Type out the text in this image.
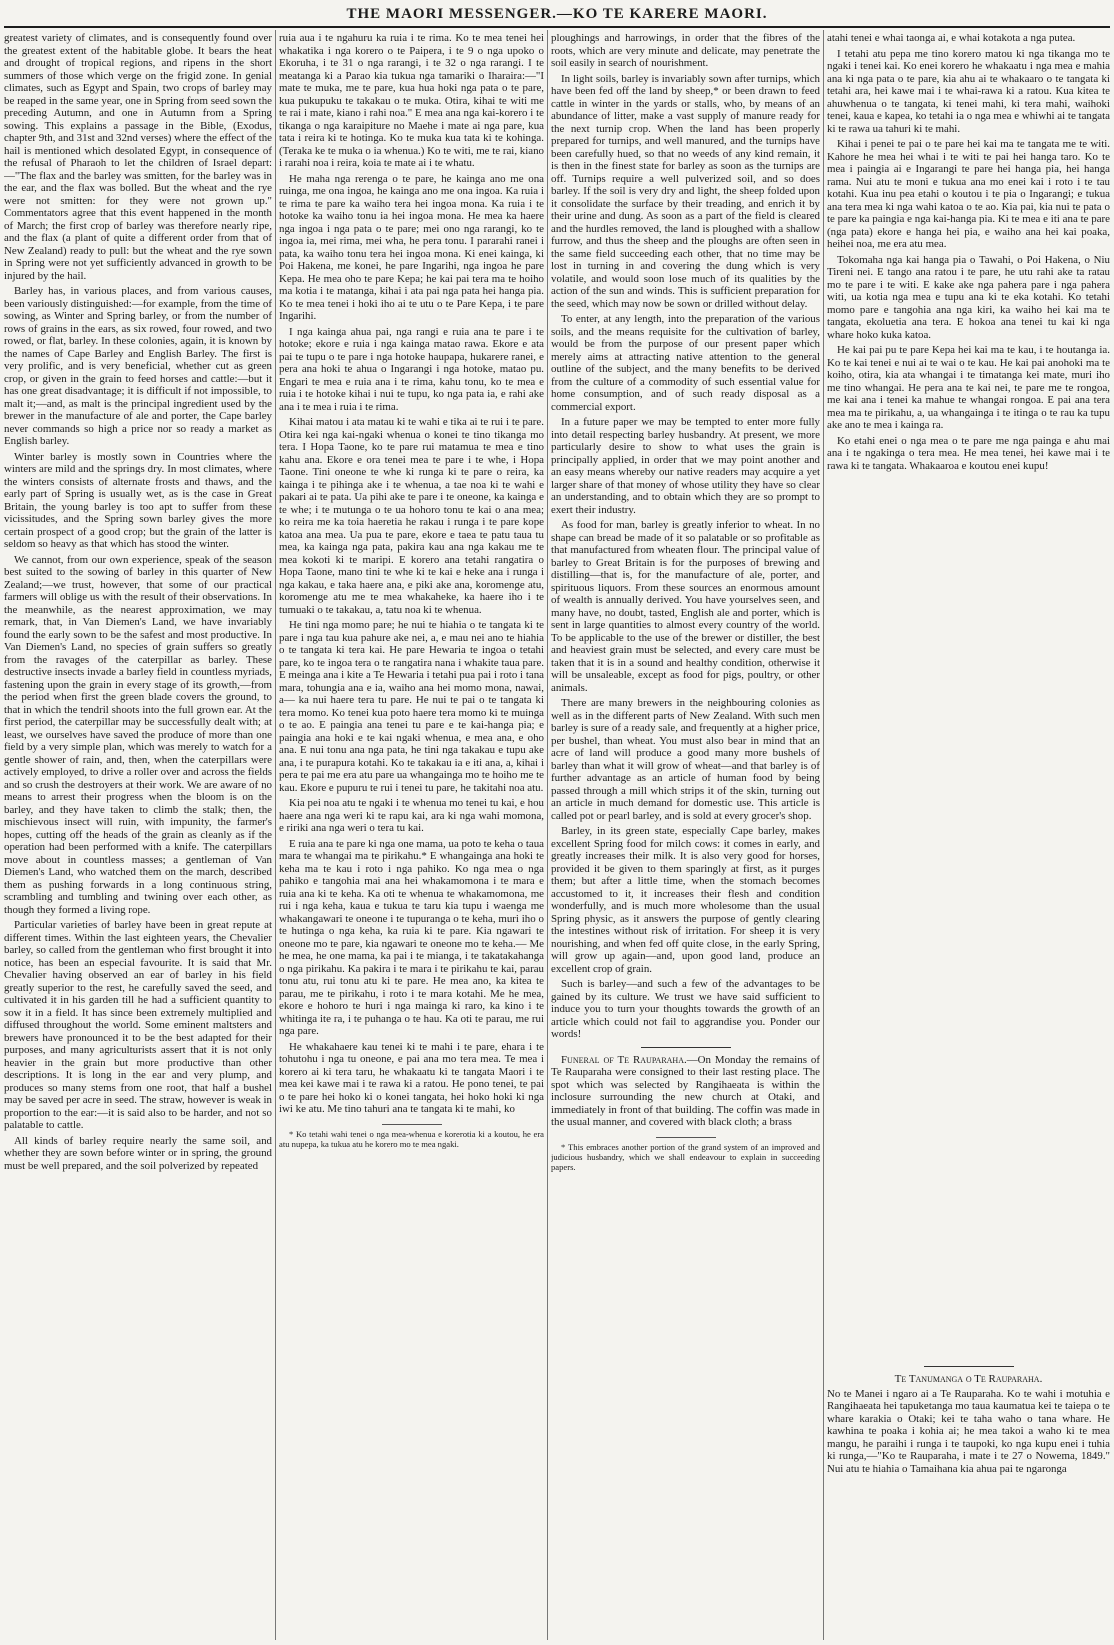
THE MAORI MESSENGER.—KO TE KARERE MAORI.

greatest variety of climates, and is consequently found over the greatest extent of the habitable globe. It bears the heat and drought of tropical regions, and ripens in the short summers of those which verge on the frigid zone. In genial climates, such as Egypt and Spain, two crops of barley may be reaped in the same year, one in Spring from seed sown the preceding Autumn, and one in Autumn from a Spring sowing. This explains a passage in the Bible, (Exodus, chapter 9th, and 31st and 32nd verses) where the effect of the hail is mentioned which desolated Egypt, in consequence of the refusal of Pharaoh to let the children of Israel depart:—"The flax and the barley was smitten, for the barley was in the ear, and the flax was bolled. But the wheat and the rye were not smitten: for they were not grown up." Commentators agree that this event happened in the month of March; the first crop of barley was therefore nearly ripe, and the flax (a plant of quite a different order from that of New Zealand) ready to pull: but the wheat and the rye sown in Spring were not yet sufficiently advanced in growth to be injured by the hail.

Barley has, in various places, and from various causes, been variously distinguished:—for example, from the time of sowing, as Winter and Spring barley, or from the number of rows of grains in the ears, as six rowed, four rowed, and two rowed, or flat, barley. In these colonies, again, it is known by the names of Cape Barley and English Barley. The first is very prolific, and is very beneficial, whether cut as green crop, or given in the grain to feed horses and cattle:—but it has one great disadvantage; it is difficult if not impossible, to malt it;—and, as malt is the principal ingredient used by the brewer in the manufacture of ale and porter, the Cape barley never commands so high a price nor so ready a market as English barley.

Winter barley is mostly sown in Countries where the winters are mild and the springs dry. In most climates, where the winters consists of alternate frosts and thaws, and the early part of Spring is usually wet, as is the case in Great Britain, the young barley is too apt to suffer from these vicissitudes, and the Spring sown barley gives the more certain prospect of a good crop; but the grain of the latter is seldom so heavy as that which has stood the winter.

We cannot, from our own experience, speak of the season best suited to the sowing of barley in this quarter of New Zealand;—we trust, however, that some of our practical farmers will oblige us with the result of their observations. In the meanwhile, as the nearest approximation, we may remark, that, in Van Diemen's Land, we have invariably found the early sown to be the safest and most productive. In Van Diemen's Land, no species of grain suffers so greatly from the ravages of the caterpillar as barley. These destructive insects invade a barley field in countless myriads, fastening upon the grain in every stage of its growth,—from the period when first the green blade covers the ground, to that in which the tendril shoots into the full grown ear. At the first period, the caterpillar may be successfully dealt with; at least, we ourselves have saved the produce of more than one field by a very simple plan, which was merely to watch for a gentle shower of rain, and, then, when the caterpillars were actively employed, to drive a roller over and across the fields and so crush the destroyers at their work. We are aware of no means to arrest their progress when the bloom is on the barley, and they have taken to climb the stalk; then, the mischievous insect will ruin, with impunity, the farmer's hopes, cutting off the heads of the grain as cleanly as if the operation had been performed with a knife. The caterpillars move about in countless masses; a gentleman of Van Diemen's Land, who watched them on the march, described them as pushing forwards in a long continuous string, scrambling and tumbling and twining over each other, as though they formed a living rope.

Particular varieties of barley have been in great repute at different times. Within the last eighteen years, the Chevalier barley, so called from the gentleman who first brought it into notice, has been an especial favourite. It is said that Mr. Chevalier having observed an ear of barley in his field greatly superior to the rest, he carefully saved the seed, and cultivated it in his garden till he had a sufficient quantity to sow it in a field. It has since been extremely multiplied and diffused throughout the world. Some eminent maltsters and brewers have pronounced it to be the best adapted for their purposes, and many agriculturists assert that it is not only heavier in the grain but more productive than other descriptions. It is long in the ear and very plump, and produces so many stems from one root, that half a bushel may be saved per acre in seed. The straw, however is weak in proportion to the ear:—it is said also to be harder, and not so palatable to cattle.

All kinds of barley require nearly the same soil, and whether they are sown before winter or in spring, the ground must be well prepared, and the soil polverized by repeated

ruia aua i te ngahuru ka ruia i te rima. Ko te mea tenei hei whakatika i nga korero o te Paipera, i te 9 o nga upoko o Ekoruha, i te 31 o nga rarangi, i te 32 o nga rarangi. I te meatanga ki a Parao kia tukua nga tamariki o Iharaira:—"I mate te muka, me te pare, kua hua hoki nga pata o te pare, kua pukupuku te takakau o te muka. Otira, kihai te witi me te rai i mate, kiano i rahi noa." E mea ana nga kai-korero i te tikanga o nga karaipiture no Maehe i mate ai nga pare, kua tata i reira ki te hotinga. Ko te muka kua tata ki te kohinga. (Teraka ke te muka o ia whenua.) Ko te witi, me te rai, kiano i rarahi noa i reira, koia te mate ai i te whatu.

He maha nga rerenga o te pare, he kainga ano me ona ruinga, me ona ingoa, he kainga ano me ona ingoa. Ka ruia i te rima te pare ka waiho tera hei ingoa mona. Ka ruia i te hotoke ka waiho tonu ia hei ingoa mona. He mea ka haere nga ingoa i nga pata o te pare; mei ono nga rarangi, ko te ingoa ia, mei rima, mei wha, he pera tonu. I pararahi ranei i pata, ka waiho tonu tera hei ingoa mona. Ki enei kainga, ki Poi Hakena, me konei, he pare Ingarihi, nga ingoa he pare Kepa. He mea oho te pare Kepa; he kai pai tera ma te hoiho ma kotia i te matanga, kihai i ata pai nga pata hei hanga pia. Ko te mea tenei i hoki iho ai te utu o te Pare Kepa, i te pare Ingarihi.

I nga kainga ahua pai, nga rangi e ruia ana te pare i te hotoke; ekore e ruia i nga kainga matao rawa. Ekore e ata pai te tupu o te pare i nga hotoke haupapa, hukarere ranei, e pera ana hoki te ahua o Ingarangi i nga hotoke, matao pu. Engari te mea e ruia ana i te rima, kahu tonu, ko te mea e ruia i te hotoke kihai i nui te tupu, ko nga pata ia, e rahi ake ana i te mea i ruia i te rima.

Kihai matou i ata matau ki te wahi e tika ai te rui i te pare. Otira kei nga kai-ngaki whenua o konei te tino tikanga mo tera. I Hopa Taone, ko te pare rui matamua te mea e tino kahu ana. Ekore e ora tenei mea te pare i te whe, i Hopa Taone. Tini oneone te whe ki runga ki te pare o reira, ka kainga i te pihinga ake i te whenua, a tae noa ki te wahi e pakari ai te pata. Ua pihi ake te pare i te oneone, ka kainga e te whe; i te mutunga o te ua hohoro tonu te kai o ana mea; ko reira me ka toia haeretia he rakau i runga i te pare kope katoa ana mea. Ua pua te pare, ekore e taea te patu taua tu mea, ka kainga nga pata, pakira kau ana nga kakau me te mea kokoti ki te maripi. E korero ana tetahi rangatira o Hopa Taone, mano tini te whe ki te kai e heke ana i runga i nga kakau, e taka haere ana, e piki ake ana, koromenge atu, koromenge atu me te mea whakaheke, ka haere iho i te tumuaki o te takakau, a, tatu noa ki te whenua.

He tini nga momo pare; he nui te hiahia o te tangata ki te pare i nga tau kua pahure ake nei, a, e mau nei ano te hiahia o te tangata ki tera kai. He pare Hewaria te ingoa o tetahi pare, ko te ingoa tera o te rangatira nana i whakite taua pare. E meinga ana i kite a Te Hewaria i tetahi pua pai i roto i tana mara, tohungia ana e ia, waiho ana hei momo mona, nawai, a— ka nui haere tera tu pare. He nui te pai o te tangata ki tera momo. Ko tenei kua poto haere tera momo ki te muinga o te ao. E paingia ana tenei tu pare e te kai-hanga pia; e paingia ana hoki e te kai ngaki whenua, e mea ana, e oho ana. E nui tonu ana nga pata, he tini nga takakau e tupu ake ana, i te purapura kotahi. Ko te takakau ia e iti ana, a, kihai i pera te pai me era atu pare ua whangainga mo te hoiho me te kau. Ekore e pupuru te rui i tenei tu pare, he takitahi noa atu.

Kia pei noa atu te ngaki i te whenua mo tenei tu kai, e hou haere ana nga weri ki te rapu kai, ara ki nga wahi momona, e ririki ana nga weri o tera tu kai.

E ruia ana te pare ki nga one mama, ua poto te keha o taua mara te whangai ma te pirikahu.* E whangainga ana hoki te keha ma te kau i roto i nga pahiko. Ko nga mea o nga pahiko e tangohia mai ana hei whakamomona i te mara e ruia ana ki te keha. Ka oti te whenua te whakamomona, me rui i nga keha, kaua e tukua te taru kia tupu i waenga me whakangawari te oneone i te tupuranga o te keha, muri iho o te hutinga o nga keha, ka ruia ki te pare. Kia ngawari te oneone mo te pare, kia ngawari te oneone mo te keha.— Me he mea, he one mama, ka pai i te mianga, i te takatakahanga o nga pirikahu. Ka pakira i te mara i te pirikahu te kai, parau tonu atu, rui tonu atu ki te pare. He mea ano, ka kitea te parau, me te pirikahu, i roto i te mara kotahi. Me he mea, ekore e hohoro te huri i nga mainga ki raro, ka kino i te whitinga ite ra, i te puhanga o te hau. Ka oti te parau, me rui nga pare.

He whakahaere kau tenei ki te mahi i te pare, ehara i te tohutohu i nga tu oneone, e pai ana mo tera mea. Te mea i korero ai ki tera taru, he whakaatu ki te tangata Maori i te mea kei kawe mai i te rawa ki a ratou. He pono tenei, te pai o te pare hei hoko ki o konei tangata, hei hoko hoki ki nga iwi ke atu. Me tino tahuri ana te tangata ki te mahi, ko

* Ko tetahi wahi tenei o nga mea-whenua e korerotia ki a koutou, he era atu nupepa, ka tukua atu he korero mo te mea ngaki.

ploughings and harrowings, in order that the fibres of the roots, which are very minute and delicate, may penetrate the soil easily in search of nourishment.

In light soils, barley is invariably sown after turnips, which have been fed off the land by sheep,* or been drawn to feed cattle in winter in the yards or stalls, who, by means of an abundance of litter, make a vast supply of manure ready for the next turnip crop. When the land has been properly prepared for turnips, and well manured, and the turnips have been carefully hued, so that no weeds of any kind remain, it is then in the finest state for barley as soon as the turnips are off. Turnips require a well pulverized soil, and so does barley. If the soil is very dry and light, the sheep folded upon it consolidate the surface by their treading, and enrich it by their urine and dung. As soon as a part of the field is cleared and the hurdles removed, the land is ploughed with a shallow furrow, and thus the sheep and the ploughs are often seen in the same field succeeding each other, that no time may be lost in turning in and covering the dung which is very volatile, and would soon lose much of its qualities by the action of the sun and winds. This is sufficient preparation for the seed, which may now be sown or drilled without delay.

To enter, at any length, into the preparation of the various soils, and the means requisite for the cultivation of barley, would be from the purpose of our present paper which merely aims at attracting native attention to the general outline of the subject, and the many benefits to be derived from the culture of a commodity of such essential value for home consumption, and of such ready disposal as a commercial export.

In a future paper we may be tempted to enter more fully into detail respecting barley husbandry. At present, we more particularly desire to show to what uses the grain is principally applied, in order that we may point another and an easy means whereby our native readers may acquire a yet larger share of that money of whose utility they have so clear an understanding, and to obtain which they are so prompt to exert their industry.

As food for man, barley is greatly inferior to wheat. In no shape can bread be made of it so palatable or so profitable as that manufactured from wheaten flour. The principal value of barley to Great Britain is for the purposes of brewing and distilling—that is, for the manufacture of ale, porter, and spirituous liquors. From these sources an enormous amount of wealth is annually derived. You have yourselves seen, and many have, no doubt, tasted, English ale and porter, which is sent in large quantities to almost every country of the world. To be applicable to the use of the brewer or distiller, the best and heaviest grain must be selected, and every care must be taken that it is in a sound and healthy condition, otherwise it will be unsaleable, except as food for pigs, poultry, or other animals.

There are many brewers in the neighbouring colonies as well as in the different parts of New Zealand. With such men barley is sure of a ready sale, and frequently at a higher price, per bushel, than wheat. You must also bear in mind that an acre of land will produce a good many more bushels of barley than what it will grow of wheat—and that barley is of further advantage as an article of human food by being passed through a mill which strips it of the skin, turning out an article in much demand for domestic use. This article is called pot or pearl barley, and is sold at every grocer's shop.

Barley, in its green state, especially Cape barley, makes excellent Spring food for milch cows: it comes in early, and greatly increases their milk. It is also very good for horses, provided it be given to them sparingly at first, as it purges them; but after a little time, when the stomach becomes accustomed to it, it increases their flesh and condition wonderfully, and is much more wholesome than the usual Spring physic, as it answers the purpose of gently clearing the intestines without risk of irritation. For sheep it is very nourishing, and when fed off quite close, in the early Spring, will grow up again—and, upon good land, produce an excellent crop of grain.

Such is barley—and such a few of the advantages to be gained by its culture. We trust we have said sufficient to induce you to turn your thoughts towards the growth of an article which could not fail to aggrandise you. Ponder our words!

Funeral of Te Rauparaha.—On Monday the remains of Te Rauparaha were consigned to their last resting place. The spot which was selected by Rangihaeata is within the inclosure surrounding the new church at Otaki, and immediately in front of that building. The coffin was made in the usual manner, and covered with black cloth; a brass

* This embraces another portion of the grand system of an improved and judicious husbandry, which we shall endeavour to explain in succeeding papers.

atahi tenei e whai taonga ai, e whai kotakota a nga putea.

I tetahi atu pepa me tino korero matou ki nga tikanga mo te ngaki i tenei kai. Ko enei korero he whakaatu i nga mea e mahia ana ki nga pata o te pare, kia ahu ai te whakaaro o te tangata ki tetahi ara, hei kawe mai i te whai-rawa ki a ratou. Kua kitea te ahuwhenua o te tangata, ki tenei mahi, ki tera mahi, waihoki tenei, kaua e kapea, ko tetahi ia o nga mea e whiwhi ai te tangata ki te rawa ua tahuri ki te mahi.

Kihai i penei te pai o te pare hei kai ma te tangata me te witi. Kahore he mea hei whai i te witi te pai hei hanga taro. Ko te mea i paingia ai e Ingarangi te pare hei hanga pia, hei hanga rama. Nui atu te moni e tukua ana mo enei kai i roto i te tau kotahi. Kua inu pea etahi o koutou i te pia o Ingarangi; e tukua ana tera mea ki nga wahi katoa o te ao. Kia pai, kia nui te pata o te pare ka paingia e nga kai-hanga pia. Ki te mea e iti ana te pare (nga pata) ekore e hanga hei pia, e waiho ana hei kai poaka, heihei noa, me era atu mea.

Tokomaha nga kai hanga pia o Tawahi, o Poi Hakena, o Niu Tireni nei. E tango ana ratou i te pare, he utu rahi ake ta ratau mo te pare i te witi. E kake ake nga pahera pare i nga pahera witi, ua kotia nga mea e tupu ana ki te eka kotahi. Ko tetahi momo pare e tangohia ana nga kiri, ka waiho hei kai ma te tangata, ekoluetia ana tera. E hokoa ana tenei tu kai ki nga whare hoko kuka katoa.

He kai pai pu te pare Kepa hei kai ma te kau, i te houtanga ia. Ko te kai tenei e nui ai te wai o te kau. He kai pai anohoki ma te koiho, otira, kia ata whangai i te timatanga kei mate, muri iho me tino whangai. He pera ana te kai nei, te pare me te rongoa, me kai ana i tenei ka mahue te whangai rongoa. E pai ana tera mea ma te pirikahu, a, ua whangainga i te itinga o te rau ka tupu ake ano te mea i kainga ra.

Ko etahi enei o nga mea o te pare me nga painga e ahu mai ana i te ngakinga o tera mea. He mea tenei, hei kawe mai i te rawa ki te tangata. Whakaaroa e koutou enei kupu!

Te Tanumanga o Te Rauparaha.

No te Manei i ngaro ai a Te Rauparaha. Ko te wahi i motuhia e Rangihaeata hei tapuketanga mo taua kaumatua kei te taiepa o te whare karakia o Otaki; kei te taha waho o tana whare. He kawhina te poaka i kohia ai; he mea takoi a waho ki te mea mangu, he paraihi i runga i te taupoki, ko nga kupu enei i tuhia ki runga,—"Ko te Rauparaha, i mate i te 27 o Nowema, 1849." Nui atu te hiahia o Tamaihana kia ahua pai te ngaronga
